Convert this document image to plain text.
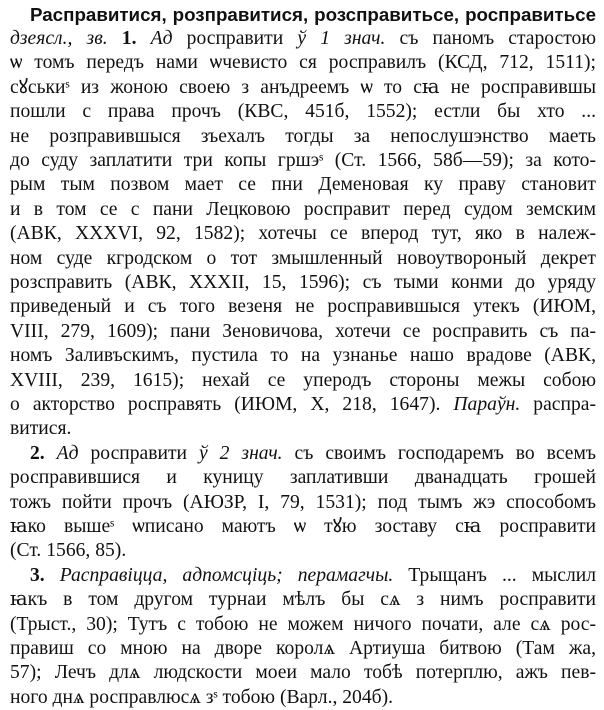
Расправитися, розправитися, розсправитьсе, росправитьсе
дзеясл., зв. 1. Ад росправити ў 1 знач. съ паномъ старостою
ѡ томъ передъ нами ѡчевисто ся росправилъ (КСД, 712, 1511);
сꙋськиˢ из жоною своею з анъдреемъ ѡ то сꙗ не росправившы
пошли с права прочъ (КВС, 451б, 1552); естли бы хто ...
не розправившыся зъехалъ тогды за непослушэнство маеть
до суду заплатити три копы гршэˢ (Ст. 1566, 58б—59); за кото-
рым тым позвом мает се пни Деменовая ку праву становит
и в том се с пани Лецковою росправит перед судом земским
(АВК, XXXVI, 92, 1582); хотечы се вперод тут, яко в належ-
ном суде кгродском о тот змышленный новоутвороный декрет
розсправить (АВК, XXXII, 15, 1596); съ тыми конми до уряду
приведеный и съ того везеня не росправившыся утекъ (ИЮМ,
VIII, 279, 1609); пани Зеновичова, хотечи се росправить съ па-
номъ Заливъскимъ, пустила то на узнанье нашо врадове (АВК,
XVIII, 239, 1615); нехай се уперодъ стороны межы собою
о акторство росправять (ИЮМ, X, 218, 1647). Параўн. распра-
витися.
2. Ад росправити ў 2 знач. съ своимъ господаремъ во всемъ
росправившися и куницу заплативши дванадцать грошей
тожъ пойти прочъ (АЮЗР, I, 79, 1531); под тымъ жэ способомъ
ꙗко вышеˢ ѡписано маютъ ѡ тꙋю зоставу сꙗ росправити
(Ст. 1566, 85).
3. Расправіцца, адпомсціць; перамагчы. Трыщанъ ... мыслил
ꙗкъ в том другом турнаи мѣлъ бы сѧ з нимъ росправити
(Трыст., 30); Тутъ с тобою не можем ничого почати, але сѧ рос-
правиш со мною на дворе королѧ Артиуша битвою (Там жа,
57); Лечъ длѧ людскости моеи мало тобѣ потерплю, ажъ пев-
ного днѧ росправлюсѧ зˢ тобою (Варл., 204б).
